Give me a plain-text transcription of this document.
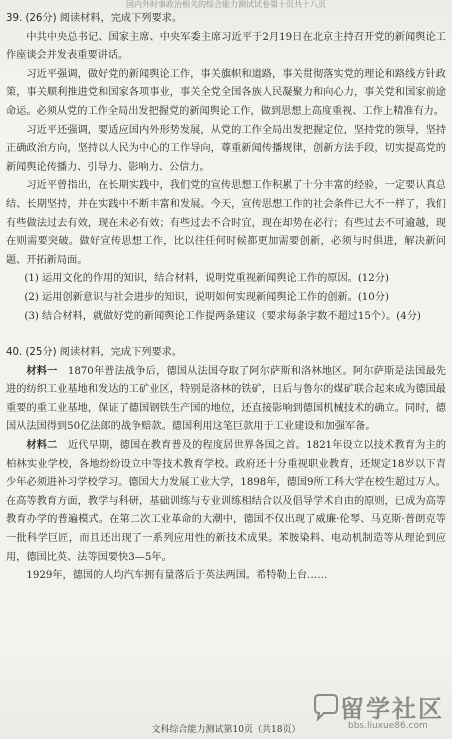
国内外时事政治相关的综合能力测试试卷第十页共十八页

39. (26分) 阅读材料，完成下列要求。

中共中央总书记、国家主席、中央军委主席习近平于2月19日在北京主持召开党的新闻舆论工作座谈会并发表重要讲话。

习近平强调，做好党的新闻舆论工作，事关旗帜和道路，事关贯彻落实党的理论和路线方针政策，事关顺利推进党和国家各项事业，事关全党全国各族人民凝聚力和向心力，事关党和国家前途命运。必须从党的工作全局出发把握党的新闻舆论工作，做到思想上高度重视、工作上精准有力。

习近平还强调，要适应国内外形势发展，从党的工作全局出发把握定位，坚持党的领导，坚持正确政治方向，坚持以人民为中心的工作导向，尊重新闻传播规律，创新方法手段，切实提高党的新闻舆论传播力、引导力、影响力、公信力。

习近平曾指出，在长期实践中，我们党的宣传思想工作积累了十分丰富的经验，一定要认真总结、长期坚持，并在实践中不断丰富和发展。今天，宣传思想工作的社会条件已大不一样了，我们有些做法过去有效，现在未必有效；有些过去不合时宜，现在却势在必行；有些过去不可逾越，现在则需要突破。做好宣传思想工作，比以往任何时候都更加需要创新，必须与时俱进，解决新问题、开拓新局面。

(1) 运用文化的作用的知识，结合材料，说明党重视新闻舆论工作的原因。(12分)

(2) 运用创新意识与社会进步的知识，说明如何实现新闻舆论工作的创新。(10分)

(3) 结合材料，就做好党的新闻舆论工作提两条建议（要求每条字数不超过15个）。(4分)

40. (25分) 阅读材料，完成下列要求。

材料一　1870年普法战争后，德国从法国夺取了阿尔萨斯和洛林地区。阿尔萨斯是法国最先进的纺织工业基地和发达的工矿业区，特别是洛林的铁矿，日后与鲁尔的煤矿联合起来成为德国最重要的重工业基地，保证了德国钢铁生产国的地位，还直接影响到德国机械技术的确立。同时，德国从法国得到50亿法郎的战争赔款。德国利用这笔巨款用于工业建设和加强军备。

材料二　近代早期，德国在教育普及的程度居世界各国之首。1821年设立以技术教育为主的柏林实业学校，各地纷纷设立中等技术教育学校。政府还十分重视职业教育，还规定18岁以下青少年必须进补习学校学习。德国大力发展工业大学，1898年，德国9所工科大学在校生超过万人。在高等教育方面，教学与科研，基础训练与专业训练相结合以及倡导学术自由的原则，已成为高等教育办学的普遍模式。在第二次工业革命的大潮中，德国不仅出现了威廉·伦琴、马克斯·普朗克等一批科学巨匠，而且还出现了一系列应用性的新技术成果。苯胺染料、电动机制造等从理论到应用，德国比英、法等国要快3—5年。

1929年，德国的人均汽车拥有量落后于英法两国。希特勒上台……

文科综合能力测试第10页（共18页）
留学社区
bbs.liuxue86.com
